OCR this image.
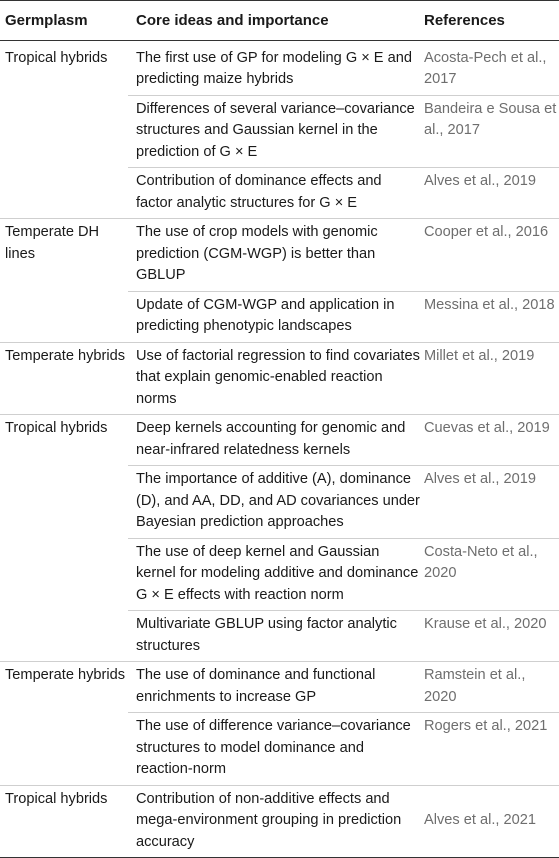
Germplasm	Core ideas and importance	References
Tropical hybrids	The first use of GP for modeling G × E and predicting maize hybrids	Acosta-Pech et al., 2017
	Differences of several variance–covariance structures and Gaussian kernel in the prediction of G × E	Bandeira e Sousa et al., 2017
	Contribution of dominance effects and factor analytic structures for G × E	Alves et al., 2019
Temperate DH lines	The use of crop models with genomic prediction (CGM-WGP) is better than GBLUP	Cooper et al., 2016
	Update of CGM-WGP and application in predicting phenotypic landscapes	Messina et al., 2018
Temperate hybrids	Use of factorial regression to find covariates that explain genomic-enabled reaction norms	Millet et al., 2019
Tropical hybrids	Deep kernels accounting for genomic and near-infrared relatedness kernels	Cuevas et al., 2019
	The importance of additive (A), dominance (D), and AA, DD, and AD covariances under Bayesian prediction approaches	Alves et al., 2019
	The use of deep kernel and Gaussian kernel for modeling additive and dominance G × E effects with reaction norm	Costa-Neto et al., 2020
	Multivariate GBLUP using factor analytic structures	Krause et al., 2020
Temperate hybrids	The use of dominance and functional enrichments to increase GP	Ramstein et al., 2020
	The use of difference variance–covariance structures to model dominance and reaction-norm	Rogers et al., 2021
Tropical hybrids	Contribution of non-additive effects and mega-environment grouping in prediction accuracy	Alves et al., 2021
